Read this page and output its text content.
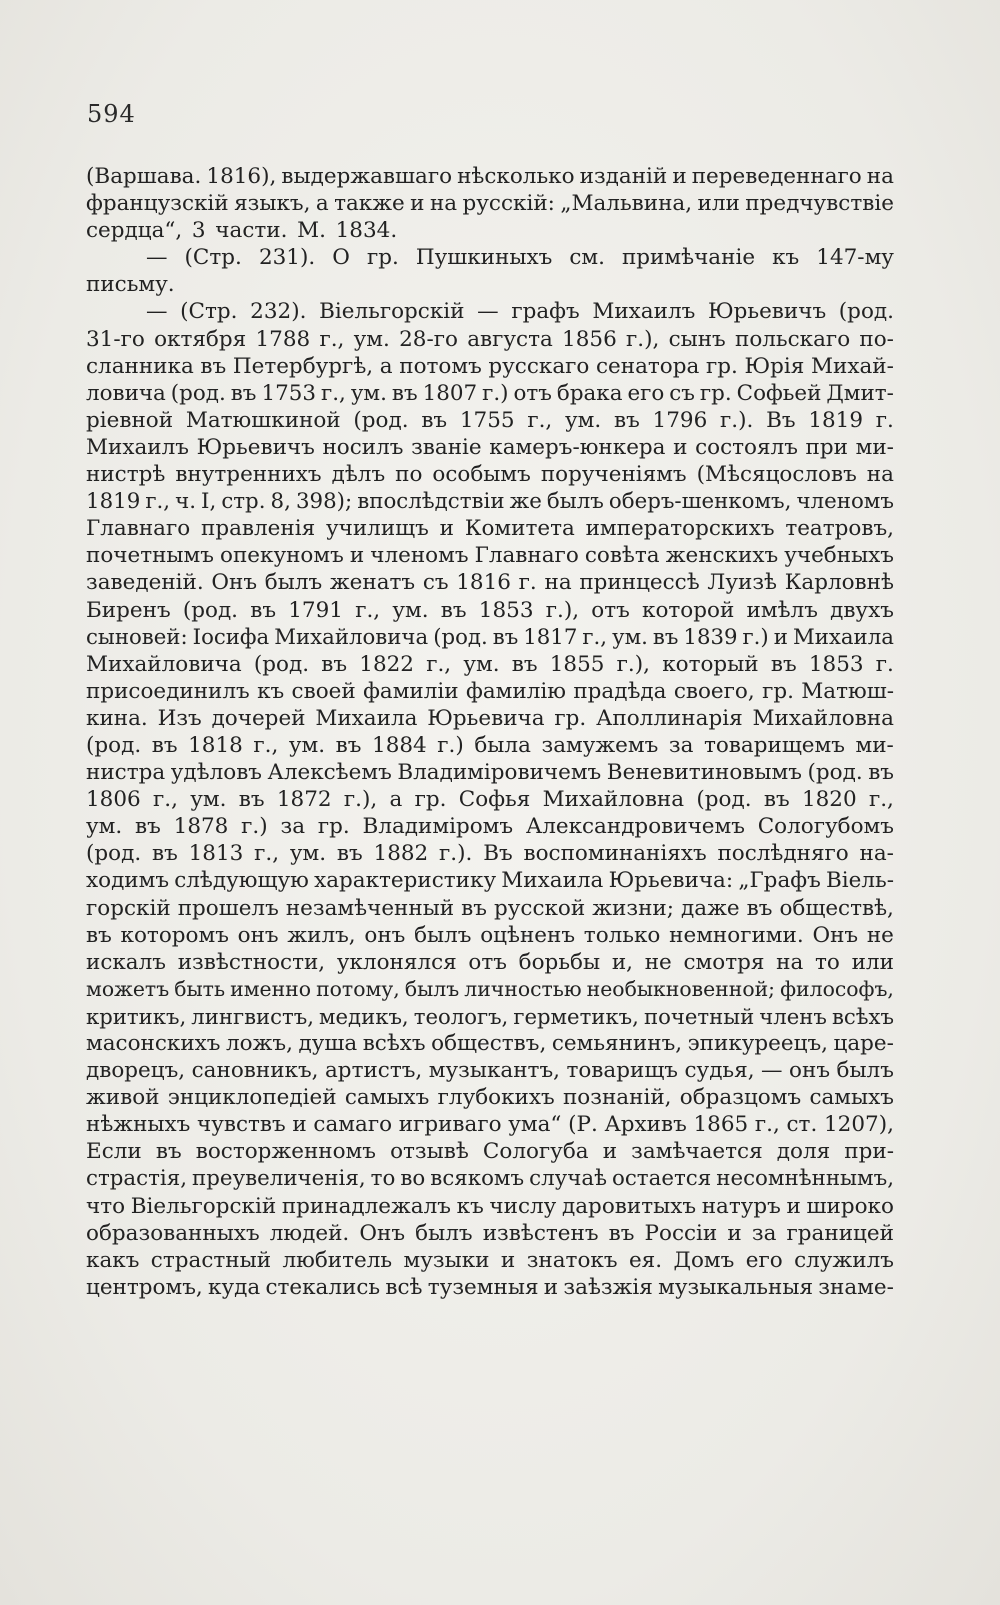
594
(Варшава. 1816), выдержавшаго нѣсколько изданій и переведеннаго на
французскій языкъ, а также и на русскій: „Мальвина, или предчувствіе
сердца“, 3 части. М. 1834.
— (Стр. 231). О гр. Пушкиныхъ см. примѣчаніе къ 147-му
письму.
— (Стр. 232). Віельгорскій — графъ Михаилъ Юрьевичъ (род.
31-го октября 1788 г., ум. 28-го августа 1856 г.), сынъ польскаго по-
сланника въ Петербургѣ, а потомъ русскаго сенатора гр. Юрія Михай-
ловича (род. въ 1753 г., ум. въ 1807 г.) отъ брака его съ гр. Софьей Дмит-
ріевной Матюшкиной (род. въ 1755 г., ум. въ 1796 г.). Въ 1819 г.
Михаилъ Юрьевичъ носилъ званіе камеръ-юнкера и состоялъ при ми-
нистрѣ внутреннихъ дѣлъ по особымъ порученіямъ (Мѣсяцословъ на
1819 г., ч. I, стр. 8, 398); впослѣдствіи же былъ оберъ-шенкомъ, членомъ
Главнаго правленія училищъ и Комитета императорскихъ театровъ,
почетнымъ опекуномъ и членомъ Главнаго совѣта женскихъ учебныхъ
заведеній. Онъ былъ женатъ съ 1816 г. на принцессѣ Луизѣ Карловнѣ
Биренъ (род. въ 1791 г., ум. въ 1853 г.), отъ которой имѣлъ двухъ
сыновей: Іосифа Михайловича (род. въ 1817 г., ум. въ 1839 г.) и Михаила
Михайловича (род. въ 1822 г., ум. въ 1855 г.), который въ 1853 г.
присоединилъ къ своей фамиліи фамилію прадѣда своего, гр. Матюш-
кина. Изъ дочерей Михаила Юрьевича гр. Аполлинарія Михайловна
(род. въ 1818 г., ум. въ 1884 г.) была замужемъ за товарищемъ ми-
нистра удѣловъ Алексѣемъ Владиміровичемъ Веневитиновымъ (род. въ
1806 г., ум. въ 1872 г.), а гр. Софья Михайловна (род. въ 1820 г.,
ум. въ 1878 г.) за гр. Владиміромъ Александровичемъ Сологубомъ
(род. въ 1813 г., ум. въ 1882 г.). Въ воспоминаніяхъ послѣдняго на-
ходимъ слѣдующую характеристику Михаила Юрьевича: „Графъ Віель-
горскій прошелъ незамѣченный въ русской жизни; даже въ обществѣ,
въ которомъ онъ жилъ, онъ былъ оцѣненъ только немногими. Онъ не
искалъ извѣстности, уклонялся отъ борьбы и, не смотря на то или
можетъ быть именно потому, былъ личностью необыкновенной; философъ,
критикъ, лингвистъ, медикъ, теологъ, герметикъ, почетный членъ всѣхъ
масонскихъ ложъ, душа всѣхъ обществъ, семьянинъ, эпикуреецъ, царе-
дворецъ, сановникъ, артистъ, музыкантъ, товарищъ судья, — онъ былъ
живой энциклопедіей самыхъ глубокихъ познаній, образцомъ самыхъ
нѣжныхъ чувствъ и самаго игриваго ума“ (Р. Архивъ 1865 г., ст. 1207),
Если въ восторженномъ отзывѣ Сологуба и замѣчается доля при-
страстія, преувеличенія, то во всякомъ случаѣ остается несомнѣннымъ,
что Віельгорскій принадлежалъ къ числу даровитыхъ натуръ и широко
образованныхъ людей. Онъ былъ извѣстенъ въ Россіи и за границей
какъ страстный любитель музыки и знатокъ ея. Домъ его служилъ
центромъ, куда стекались всѣ туземныя и заѣзжія музыкальныя знаме-
